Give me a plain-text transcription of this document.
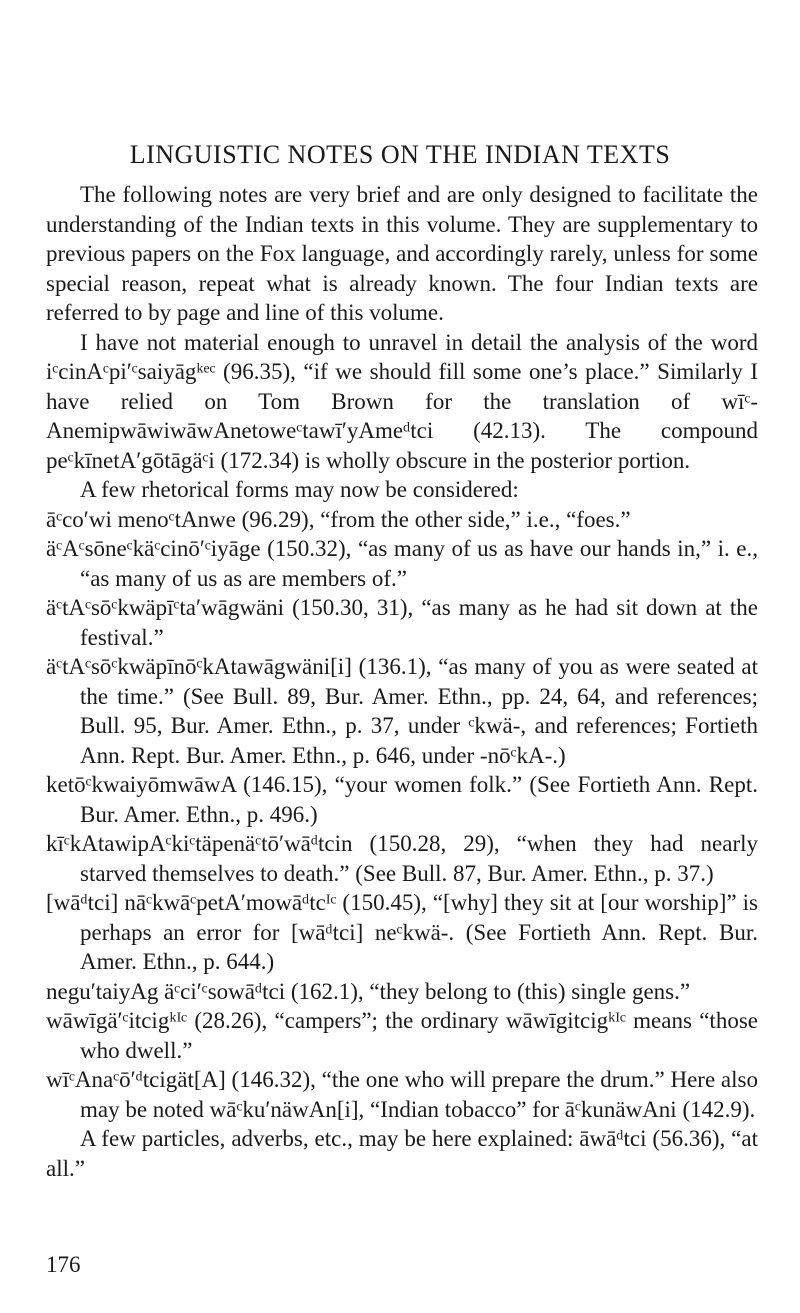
LINGUISTIC NOTES ON THE INDIAN TEXTS

The following notes are very brief and are only designed to facilitate the understanding of the Indian texts in this volume. They are supplementary to previous papers on the Fox language, and accordingly rarely, unless for some special reason, repeat what is already known. The four Indian texts are referred to by page and line of this volume.

I have not material enough to unravel in detail the analysis of the word iᶜcinAᶜpi′ᶜsaiyāgᵏᵉᶜ (96.35), “if we should fill some one’s place.” Similarly I have relied on Tom Brown for the translation of wīᶜ-AnemipwāwiwāwAnetoweᶜtawī′yAmeᵈtci (42.13). The compound peᶜkīnetA′gōtāgäᶜi (172.34) is wholly obscure in the posterior portion.

A few rhetorical forms may now be considered:

āᶜco′wi menoᶜtAnwe (96.29), “from the other side,” i.e., “foes.”

äᶜAᶜsōneᶜkäᶜcinō′ᶜiyāge (150.32), “as many of us as have our hands in,” i. e., “as many of us as are members of.”

äᶜtAᶜsōᶜkwäpīᶜta′wāgwäni (150.30, 31), “as many as he had sit down at the festival.”

äᶜtAᶜsōᶜkwäpīnōᶜkAtawāgwäni[i] (136.1), “as many of you as were seated at the time.” (See Bull. 89, Bur. Amer. Ethn., pp. 24, 64, and references; Bull. 95, Bur. Amer. Ethn., p. 37, under ᶜkwä-, and references; Fortieth Ann. Rept. Bur. Amer. Ethn., p. 646, under -nōᶜkA-.)

ketōᶜkwaiyōmwāwA (146.15), “your women folk.” (See Fortieth Ann. Rept. Bur. Amer. Ethn., p. 496.)

kīᶜkAtawipAᶜkiᶜtäpenäᶜtō′wāᵈtcin (150.28, 29), “when they had nearly starved themselves to death.” (See Bull. 87, Bur. Amer. Ethn., p. 37.)

[wāᵈtci] nāᶜkwāᶜpetA′mowāᵈtcᴵᶜ (150.45), “[why] they sit at [our worship]” is perhaps an error for [wāᵈtci] neᶜkwä-. (See Fortieth Ann. Rept. Bur. Amer. Ethn., p. 644.)

negu′taiyAg äᶜci′ᶜsowāᵈtci (162.1), “they belong to (this) single gens.”

wāwīgä′ᶜitcigᵏᴵᶜ (28.26), “campers”; the ordinary wāwīgitcigᵏᴵᶜ means “those who dwell.”

wīᶜAnaᶜō′ᵈtcigät[A] (146.32), “the one who will prepare the drum.” Here also may be noted wāᶜku′näwAn[i], “Indian tobacco” for āᶜkunäwAni (142.9).

A few particles, adverbs, etc., may be here explained: āwāᵈtci (56.36), “at all.”

176
